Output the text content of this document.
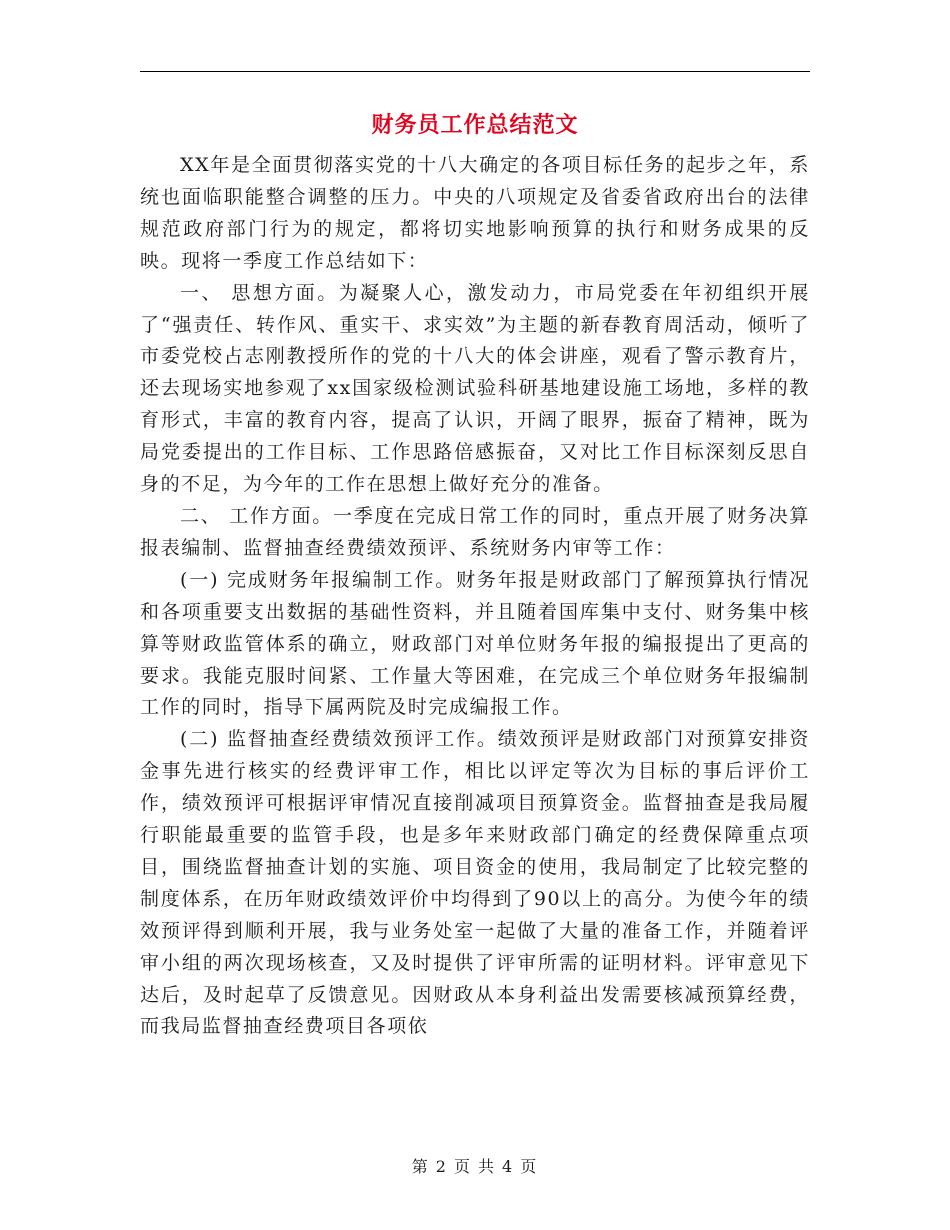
财务员工作总结范文

XX年是全面贯彻落实党的十八大确定的各项目标任务的起步之年，系统也面临职能整合调整的压力。中央的八项规定及省委省政府出台的法律规范政府部门行为的规定，都将切实地影响预算的执行和财务成果的反映。现将一季度工作总结如下：

一、 思想方面。为凝聚人心，激发动力，市局党委在年初组织开展了“强责任、转作风、重实干、求实效”为主题的新春教育周活动，倾听了市委党校占志刚教授所作的党的十八大的体会讲座，观看了警示教育片，还去现场实地参观了xx国家级检测试验科研基地建设施工场地，多样的教育形式，丰富的教育内容，提高了认识，开阔了眼界，振奋了精神，既为局党委提出的工作目标、工作思路倍感振奋，又对比工作目标深刻反思自身的不足，为今年的工作在思想上做好充分的准备。

二、 工作方面。一季度在完成日常工作的同时，重点开展了财务决算报表编制、监督抽查经费绩效预评、系统财务内审等工作：

(一) 完成财务年报编制工作。财务年报是财政部门了解预算执行情况和各项重要支出数据的基础性资料，并且随着国库集中支付、财务集中核算等财政监管体系的确立，财政部门对单位财务年报的编报提出了更高的要求。我能克服时间紧、工作量大等困难，在完成三个单位财务年报编制工作的同时，指导下属两院及时完成编报工作。

(二) 监督抽查经费绩效预评工作。绩效预评是财政部门对预算安排资金事先进行核实的经费评审工作，相比以评定等次为目标的事后评价工作，绩效预评可根据评审情况直接削减项目预算资金。监督抽查是我局履行职能最重要的监管手段，也是多年来财政部门确定的经费保障重点项目，围绕监督抽查计划的实施、项目资金的使用，我局制定了比较完整的制度体系，在历年财政绩效评价中均得到了90以上的高分。为使今年的绩效预评得到顺利开展，我与业务处室一起做了大量的准备工作，并随着评审小组的两次现场核查，又及时提供了评审所需的证明材料。评审意见下达后，及时起草了反馈意见。因财政从本身利益出发需要核减预算经费，而我局监督抽查经费项目各项依

第 2 页 共 4 页
